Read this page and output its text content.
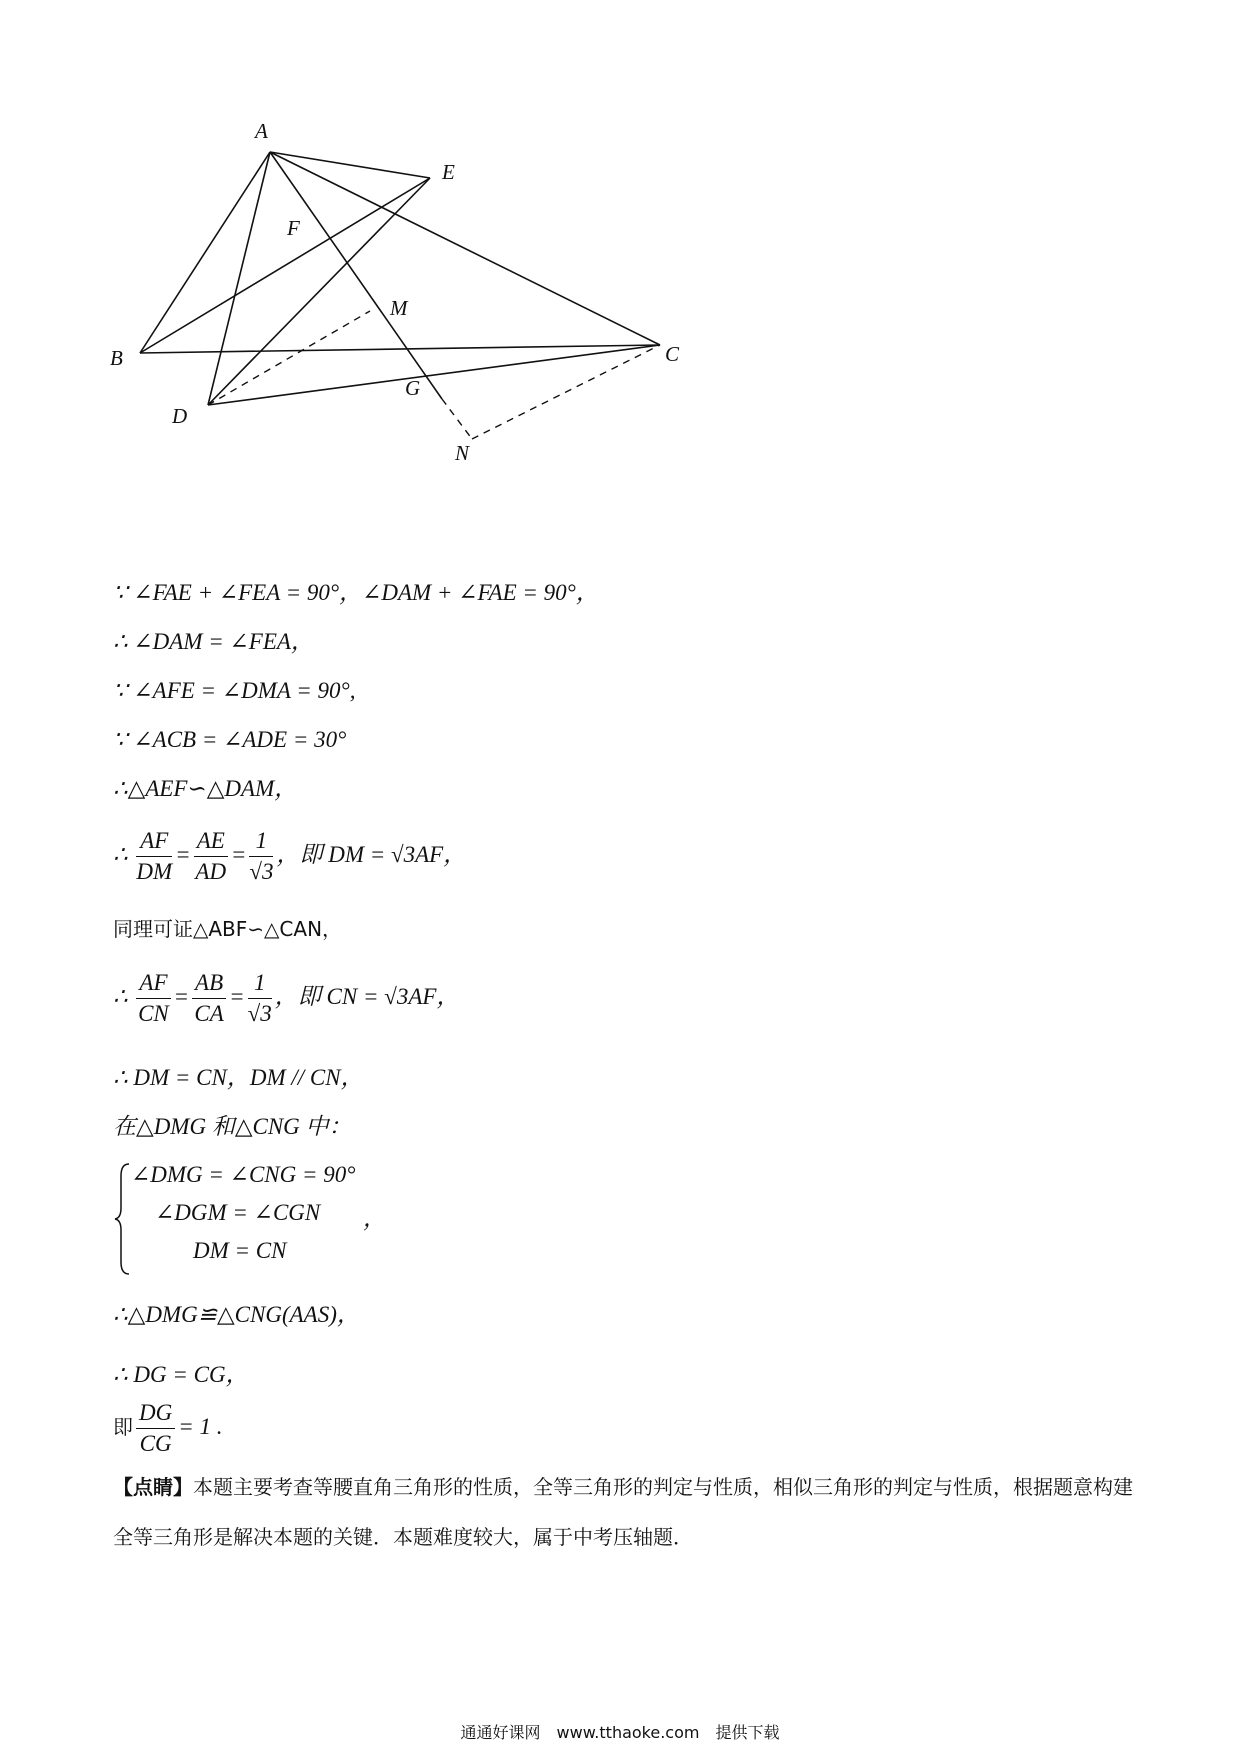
A
E
F
M
B	C
D
G
N
∵ ∠FAE + ∠FEA = 90°，∠DAM + ∠FAE = 90°，
∴ ∠DAM = ∠FEA，
∵ ∠AFE = ∠DMA = 90°,
∵ ∠ACB = ∠ADE = 30°
∴△AEF∽△DAM，
∴ $\frac{AF}{DM} = \frac{AE}{AD} = \frac{1}{√3}$ ，即 DM = √3AF，
同理可证△ABF∽△CAN，
∴ $\frac{AF}{CN} = \frac{AB}{CA} = \frac{1}{√3}$ ，即 CN = √3AF，
∴ DM = CN，DM // CN，
在△DMG 和△CNG 中：
∠DMG = ∠CNG = 90°
∠DGM = ∠CGN
DM = CN
，
∴△DMG≌△CNG(AAS)，
∴ DG = CG，
即 $\frac{DG}{CG} = 1$ .
【点睛】本题主要考查等腰直角三角形的性质，全等三角形的判定与性质，相似三角形的判定与性质，根据题意构建全等三角形是解决本题的关键．本题难度较大，属于中考压轴题．
通通好课网　www.tthaoke.com　提供下载
